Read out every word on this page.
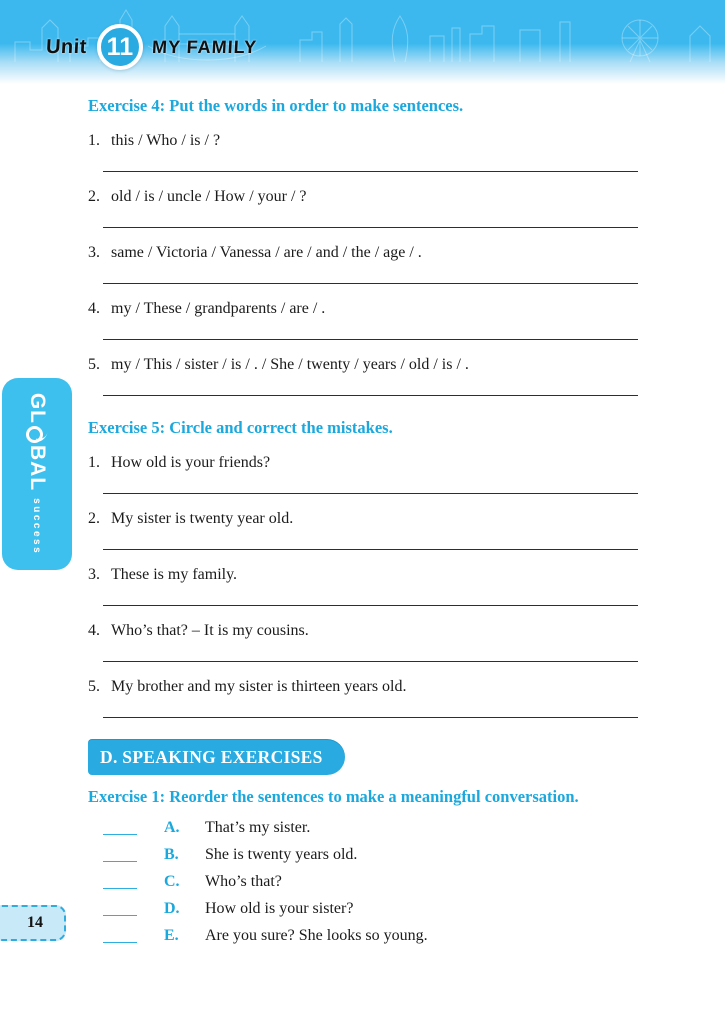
Unit 11 MY FAMILY
Exercise 4: Put the words in order to make sentences.
1. this / Who / is / ?
2. old / is / uncle / How / your / ?
3. same / Victoria / Vanessa / are / and / the / age / .
4. my / These / grandparents / are / .
5. my / This / sister / is / . / She / twenty / years / old / is / .
Exercise 5: Circle and correct the mistakes.
1. How old is your friends?
2. My sister is twenty year old.
3. These is my family.
4. Who’s that? – It is my cousins.
5. My brother and my sister is thirteen years old.
D. SPEAKING EXERCISES
Exercise 1: Reorder the sentences to make a meaningful conversation.
A.	That’s my sister.
B.	She is twenty years old.
C.	Who’s that?
D.	How old is your sister?
E.	Are you sure? She looks so young.
GL
BAL
success
14
